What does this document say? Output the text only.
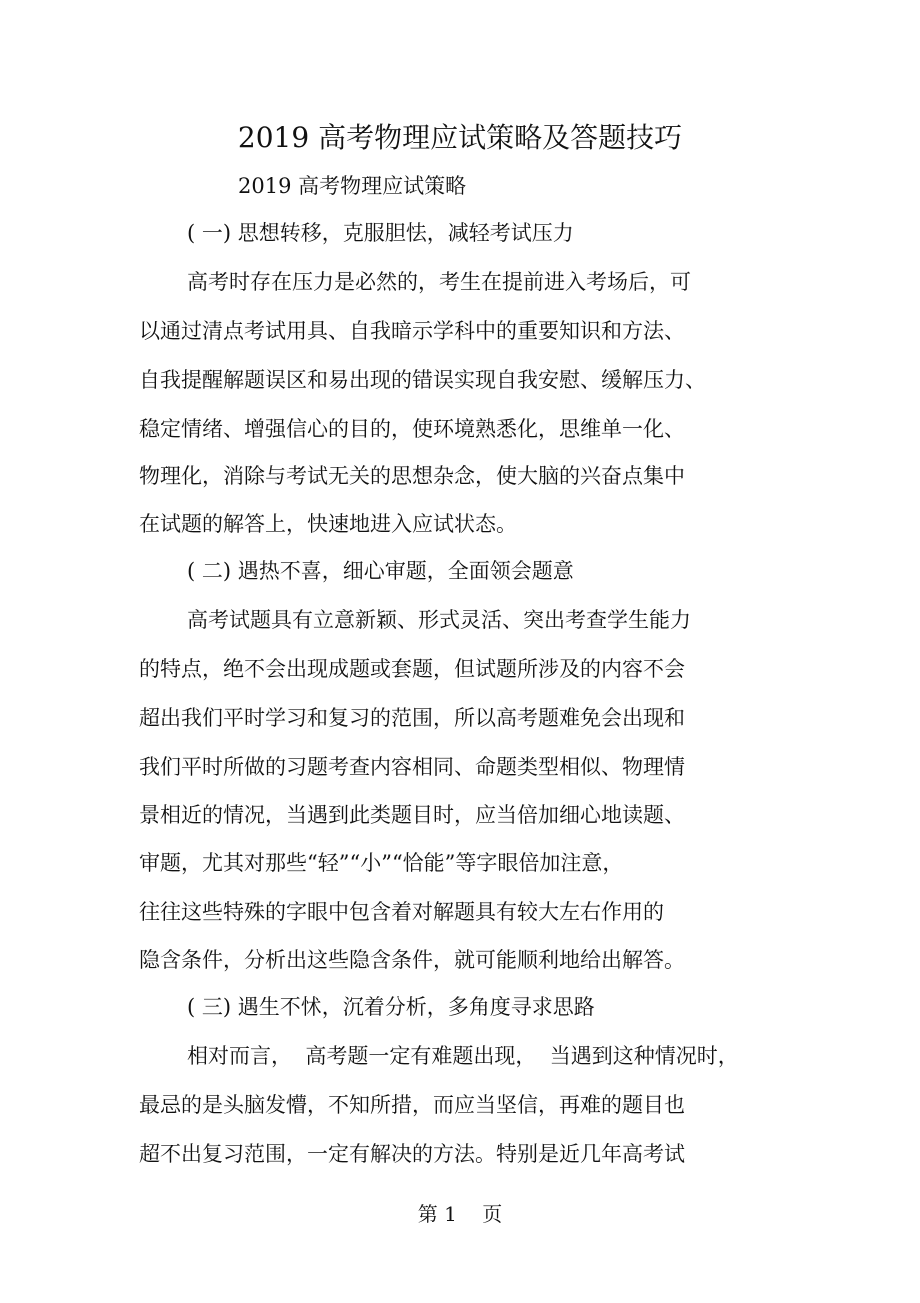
2019 高考物理应试策略及答题技巧
2019 高考物理应试策略
( 一) 思想转移，克服胆怯，减轻考试压力
高考时存在压力是必然的，考生在提前进入考场后，可
以通过清点考试用具、自我暗示学科中的重要知识和方法、
自我提醒解题误区和易出现的错误实现自我安慰、缓解压力、
稳定情绪、增强信心的目的，使环境熟悉化，思维单一化、
物理化，消除与考试无关的思想杂念，使大脑的兴奋点集中
在试题的解答上，快速地进入应试状态。
( 二) 遇热不喜，细心审题，全面领会题意
高考试题具有立意新颖、形式灵活、突出考查学生能力
的特点，绝不会出现成题或套题，但试题所涉及的内容不会
超出我们平时学习和复习的范围，所以高考题难免会出现和
我们平时所做的习题考查内容相同、命题类型相似、物理情
景相近的情况，当遇到此类题目时，应当倍加细心地读题、
审题，尤其对那些“轻”“小”“恰能”等字眼倍加注意，
往往这些特殊的字眼中包含着对解题具有较大左右作用的
隐含条件，分析出这些隐含条件，就可能顺利地给出解答。
( 三) 遇生不怵，沉着分析，多角度寻求思路
相对而言，  高考题一定有难题出现，  当遇到这种情况时，
最忌的是头脑发懵，不知所措，而应当坚信，再难的题目也
超不出复习范围，一定有解决的方法。特别是近几年高考试
第 1    页
